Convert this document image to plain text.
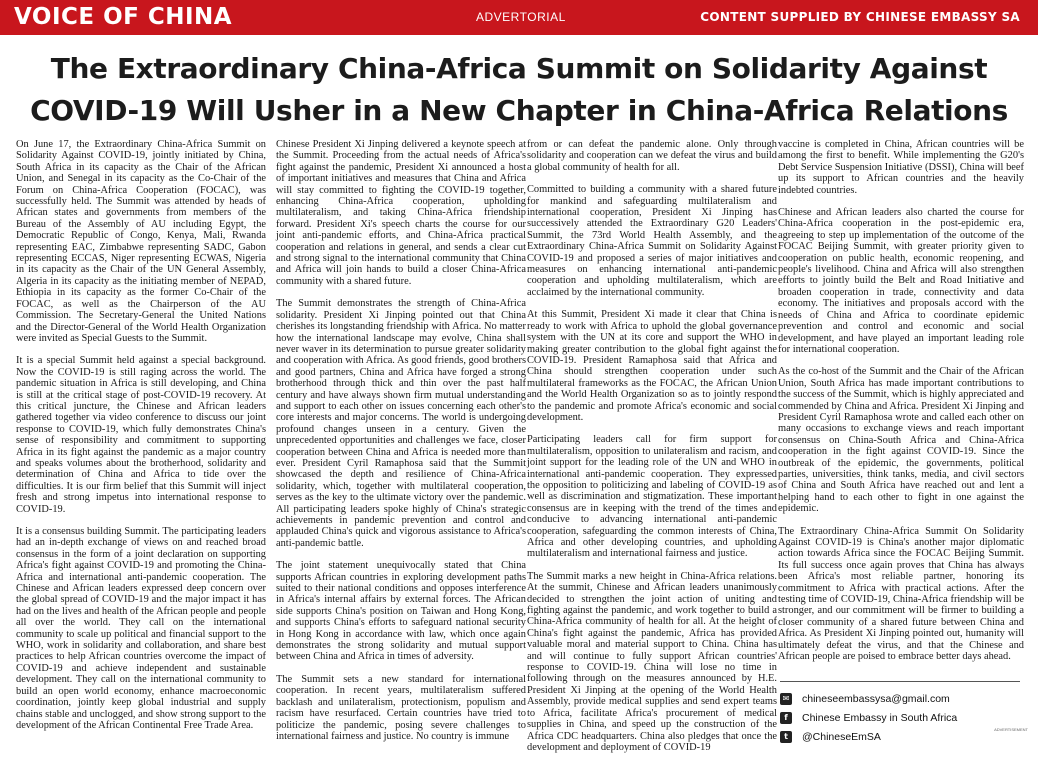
VOICE OF CHINA	ADVERTORIAL	CONTENT SUPPLIED BY CHINESE EMBASSY SA
The Extraordinary China-Africa Summit on Solidarity Against
COVID-19 Will Usher in a New Chapter in China-Africa Relations

On June 17, the Extraordinary China-Africa Summit on Solidarity Against COVID-19, jointly initiated by China, South Africa in its capacity as the Chair of the African Union, and Senegal in its capacity as the Co-Chair of the Forum on China-Africa Cooperation (FOCAC), was successfully held. The Summit was attended by heads of African states and governments from members of the Bureau of the Assembly of AU including Egypt, the Democratic Republic of Congo, Kenya, Mali, Rwanda representing EAC, Zimbabwe representing SADC, Gabon representing ECCAS, Niger representing ECWAS, Nigeria in its capacity as the Chair of the UN General Assembly, Algeria in its capacity as the initiating member of NEPAD, Ethiopia in its capacity as the former Co-Chair of the FOCAC, as well as the Chairperson of the AU Commission. The Secretary-General the United Nations and the Director-General of the World Health Organization were invited as Special Guests to the Summit.

It is a special Summit held against a special background. Now the COVID-19 is still raging across the world. The pandemic situation in Africa is still developing, and China is still at the critical stage of post-COVID-19 recovery. At this critical juncture, the Chinese and African leaders gathered together via video conference to discuss our joint response to COVID-19, which fully demonstrates China's sense of responsibility and commitment to supporting Africa in its fight against the pandemic as a major country and speaks volumes about the brotherhood, solidarity and determination of China and Africa to tide over the difficulties. It is our firm belief that this Summit will inject fresh and strong impetus into international response to COVID-19.

It is a consensus building Summit. The participating leaders had an in-depth exchange of views on and reached broad consensus in the form of a joint declaration on supporting Africa's fight against COVID-19 and promoting the China-Africa and international anti-pandemic cooperation. The Chinese and African leaders expressed deep concern over the global spread of COVID-19 and the major impact it has had on the lives and health of the African people and people all over the world. They call on the international community to scale up political and financial support to the WHO, work in solidarity and collaboration, and share best practices to help African countries overcome the impact of COVID-19 and achieve independent and sustainable development. They call on the international community to build an open world economy, enhance macroeconomic coordination, jointly keep global industrial and supply chains stable and unclogged, and show strong support to the development of the African Continental Free Trade Area.

Chinese President Xi Jinping delivered a keynote speech at the Summit. Proceeding from the actual needs of Africa's fight against the pandemic, President Xi announced a host of important initiatives and measures that China and Africa will stay committed to fighting the COVID-19 together, enhancing China-Africa cooperation, upholding multilateralism, and taking China-Africa friendship forward. President Xi's speech charts the course for our joint anti-pandemic efforts, and China-Africa practical cooperation and relations in general, and sends a clear cut and strong signal to the international community that China and Africa will join hands to build a closer China-Africa community with a shared future.

The Summit demonstrates the strength of China-Africa solidarity. President Xi Jinping pointed out that China cherishes its longstanding friendship with Africa. No matter how the international landscape may evolve, China shall never waver in its determination to pursue greater solidarity and cooperation with Africa. As good friends, good brothers and good partners, China and Africa have forged a strong brotherhood through thick and thin over the past half century and have always shown firm mutual understanding and support to each other on issues concerning each other's core interests and major concerns. The world is undergoing profound changes unseen in a century. Given the unprecedented opportunities and challenges we face, closer cooperation between China and Africa is needed more than ever. President Cyril Ramaphosa said that the Summit showcased the depth and resilience of China-Africa solidarity, which, together with multilateral cooperation, serves as the key to the ultimate victory over the pandemic. All participating leaders spoke highly of China's strategic achievements in pandemic prevention and control and applauded China's quick and vigorous assistance to Africa's anti-pandemic battle.

The joint statement unequivocally stated that China supports African countries in exploring development paths suited to their national conditions and opposes interference in Africa's internal affairs by external forces. The African side supports China's position on Taiwan and Hong Kong, and supports China's efforts to safeguard national security in Hong Kong in accordance with law, which once again demonstrates the strong solidarity and mutual support between China and Africa in times of adversity.

The Summit sets a new standard for international cooperation. In recent years, multilateralism suffered backlash and unilateralism, protectionism, populism and racism have resurfaced. Certain countries have tried to politicize the pandemic, posing severe challenges to international fairness and justice. No country is immune

from or can defeat the pandemic alone. Only through solidarity and cooperation can we defeat the virus and build a global community of health for all.

Committed to building a community with a shared future for mankind and safeguarding multilateralism and international cooperation, President Xi Jinping has successively attended the Extraordinary G20 Leaders' Summit, the 73rd World Health Assembly, and the Extraordinary China-Africa Summit on Solidarity Against COVID-19 and proposed a series of major initiatives and measures on enhancing international anti-pandemic cooperation and upholding multilateralism, which are acclaimed by the international community.

At this Summit, President Xi made it clear that China is ready to work with Africa to uphold the global governance system with the UN at its core and support the WHO in making greater contribution to the global fight against the COVID-19. President Ramaphosa said that Africa and China should strengthen cooperation under such multilateral frameworks as the FOCAC, the African Union and the World Health Organization so as to jointly respond to the pandemic and promote Africa's economic and social development.

Participating leaders call for firm support for multilateralism, opposition to unilateralism and racism, and joint support for the leading role of the UN and WHO in international anti-pandemic cooperation. They expressed the opposition to politicizing and labeling of COVID-19 as well as discrimination and stigmatization. These important consensus are in keeping with the trend of the times and conducive to advancing international anti-pandemic cooperation, safeguarding the common interests of China, Africa and other developing countries, and upholding multilateralism and international fairness and justice.

The Summit marks a new height in China-Africa relations. At the summit, Chinese and African leaders unanimously decided to strengthen the joint action of uniting and fighting against the pandemic, and work together to build a China-Africa community of health for all. At the height of China's fight against the pandemic, Africa has provided valuable moral and material support to China. China has and will continue to fully support African countries' response to COVID-19. China will lose no time in following through on the measures announced by H.E. President Xi Jinping at the opening of the World Health Assembly, provide medical supplies and send expert teams to Africa, facilitate Africa's procurement of medical supplies in China, and speed up the construction of the Africa CDC headquarters. China also pledges that once the development and deployment of COVID-19

vaccine is completed in China, African countries will be among the first to benefit. While implementing the G20's Debt Service Suspension Initiative (DSSI), China will beef up its support to African countries and the heavily indebted countries.

Chinese and African leaders also charted the course for China-Africa cooperation in the post-epidemic era, agreeing to step up implementation of the outcome of the FOCAC Beijing Summit, with greater priority given to cooperation on public health, economic reopening, and people's livelihood. China and Africa will also strengthen efforts to jointly build the Belt and Road Initiative and broaden cooperation in trade, connectivity and data economy. The initiatives and proposals accord with the needs of China and Africa to coordinate epidemic prevention and control and economic and social development, and have played an important leading role for international cooperation.

As the co-host of the Summit and the Chair of the African Union, South Africa has made important contributions to the success of the Summit, which is highly appreciated and commended by China and Africa. President Xi Jinping and President Cyril Ramaphosa wrote and called each other on many occasions to exchange views and reach important consensus on China-South Africa and China-Africa cooperation in the fight against COVID-19. Since the outbreak of the epidemic, the governments, political parties, universities, think tanks, media, and civil sectors of China and South Africa have reached out and lent a helping hand to each other to fight in one against the epidemic.

The Extraordinary China-Africa Summit On Solidarity Against COVID-19 is China's another major diplomatic action towards Africa since the FOCAC Beijing Summit. Its full success once again proves that China has always been Africa's most reliable partner, honoring its commitment to Africa with practical actions. After the testing time of COVID-19, China-Africa friendship will be stronger, and our commitment will be firmer to building a closer community of a shared future between China and Africa. As President Xi Jinping pointed out, humanity will ultimately defeat the virus, and that the Chinese and African people are poised to embrace better days ahead.

✉ chineseembassysa@gmail.com
f	Chinese Embassy in South Africa
t	@ChineseEmSA
ADVERTISEMENT
